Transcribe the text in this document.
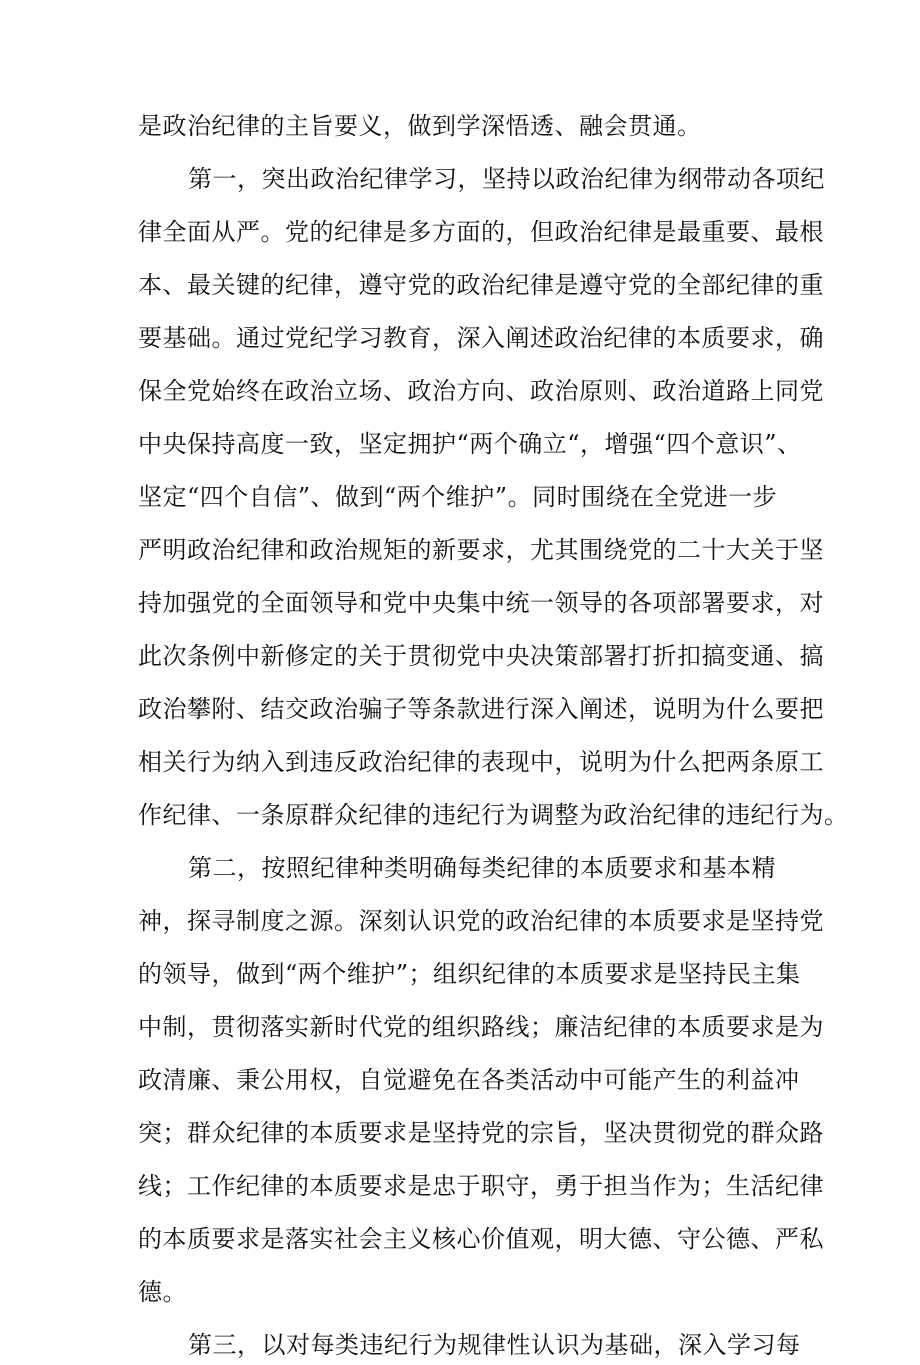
是政治纪律的主旨要义，做到学深悟透、融会贯通。
第一，突出政治纪律学习，坚持以政治纪律为纲带动各项纪
律全面从严。党的纪律是多方面的，但政治纪律是最重要、最根
本、最关键的纪律，遵守党的政治纪律是遵守党的全部纪律的重
要基础。通过党纪学习教育，深入阐述政治纪律的本质要求，确
保全党始终在政治立场、政治方向、政治原则、政治道路上同党
中央保持高度一致，坚定拥护“两个确立“，增强“四个意识”、
坚定“四个自信”、做到“两个维护”。同时围绕在全党进一步
严明政治纪律和政治规矩的新要求，尤其围绕党的二十大关于坚
持加强党的全面领导和党中央集中统一领导的各项部署要求，对
此次条例中新修定的关于贯彻党中央决策部署打折扣搞变通、搞
政治攀附、结交政治骗子等条款进行深入阐述，说明为什么要把
相关行为纳入到违反政治纪律的表现中，说明为什么把两条原工
作纪律、一条原群众纪律的违纪行为调整为政治纪律的违纪行为。
第二，按照纪律种类明确每类纪律的本质要求和基本精
神，探寻制度之源。深刻认识党的政治纪律的本质要求是坚持党
的领导，做到“两个维护”；组织纪律的本质要求是坚持民主集
中制，贯彻落实新时代党的组织路线；廉洁纪律的本质要求是为
政清廉、秉公用权，自觉避免在各类活动中可能产生的利益冲
突；群众纪律的本质要求是坚持党的宗旨，坚决贯彻党的群众路
线；工作纪律的本质要求是忠于职守，勇于担当作为；生活纪律
的本质要求是落实社会主义核心价值观，明大德、守公德、严私
德。
第三，以对每类违纪行为规律性认识为基础，深入学习每
